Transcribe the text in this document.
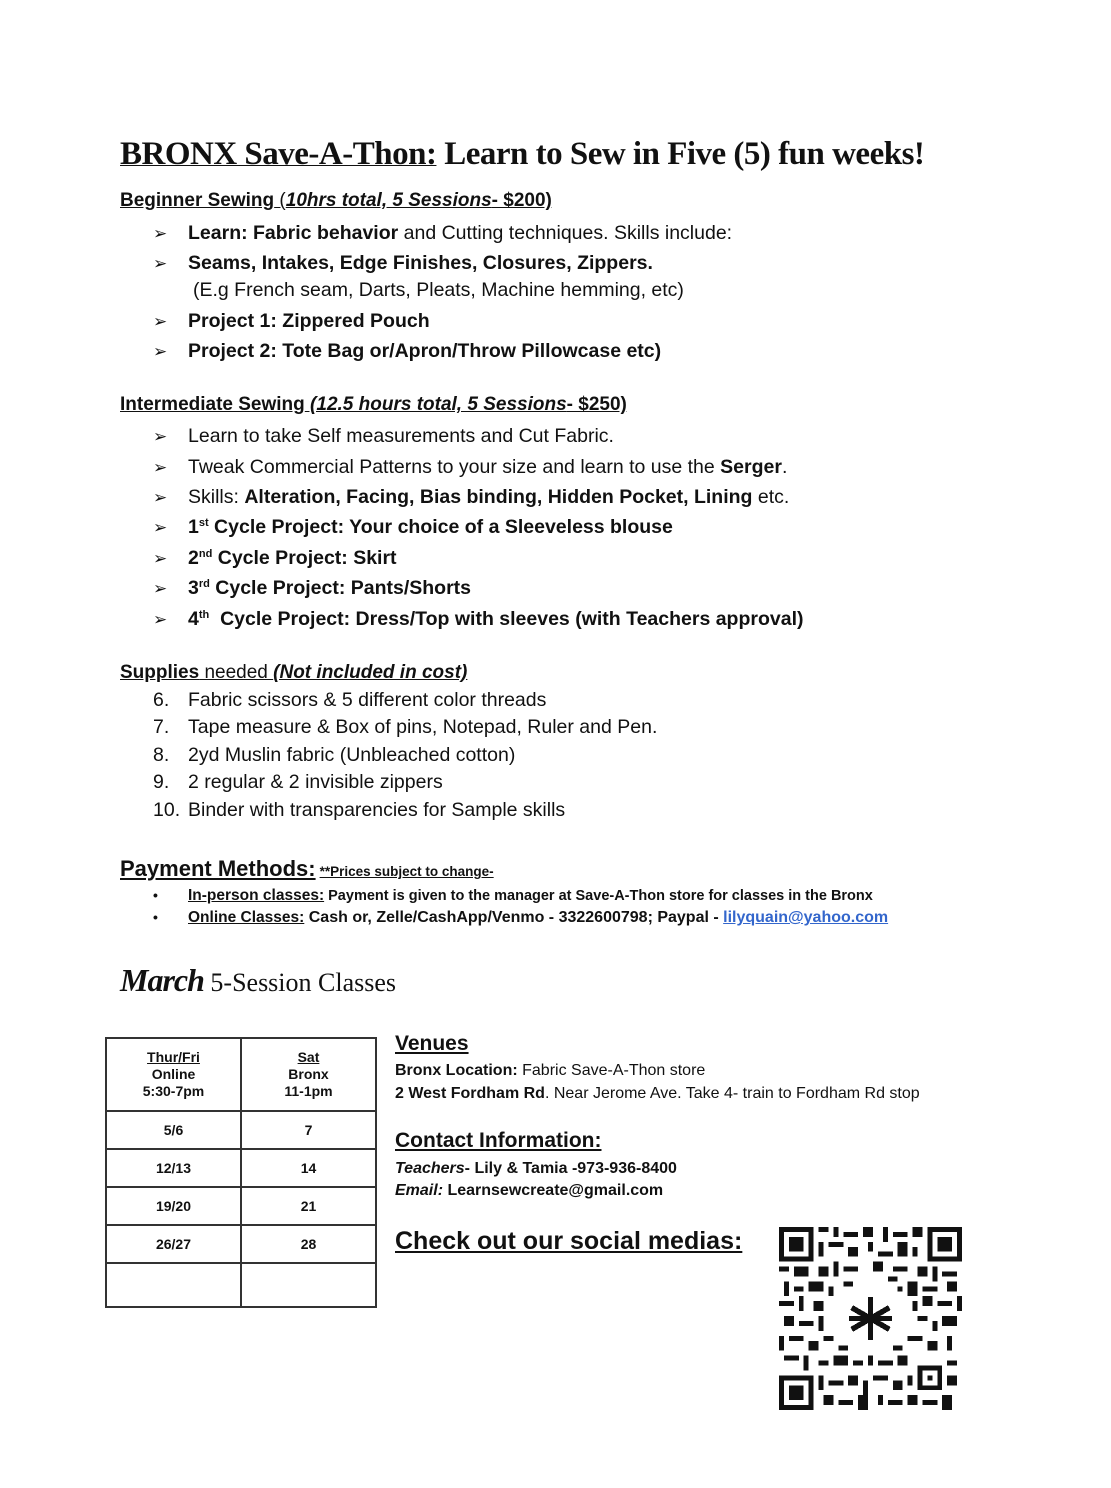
BRONX Save-A-Thon: Learn to Sew in Five (5) fun weeks!
Beginner Sewing (10hrs total, 5 Sessions- $200)
➢ Learn: Fabric behavior and Cutting techniques. Skills include:
➢ Seams, Intakes, Edge Finishes, Closures, Zippers.
(E.g French seam, Darts, Pleats, Machine hemming, etc)
➢ Project 1: Zippered Pouch
➢ Project 2: Tote Bag or/Apron/Throw Pillowcase etc)
Intermediate Sewing (12.5 hours total, 5 Sessions- $250)
➢ Learn to take Self measurements and Cut Fabric.
➢ Tweak Commercial Patterns to your size and learn to use the Serger.
➢ Skills: Alteration, Facing, Bias binding, Hidden Pocket, Lining etc.
➢ 1st Cycle Project: Your choice of a Sleeveless blouse
➢ 2nd Cycle Project: Skirt
➢ 3rd Cycle Project: Pants/Shorts
➢ 4th  Cycle Project: Dress/Top with sleeves (with Teachers approval)
Supplies needed (Not included in cost)
6. Fabric scissors & 5 different color threads
7. Tape measure & Box of pins, Notepad, Ruler and Pen.
8. 2yd Muslin fabric (Unbleached cotton)
9. 2 regular & 2 invisible zippers
10. Binder with transparencies for Sample skills
Payment Methods: **Prices subject to change-
• In-person classes: Payment is given to the manager at Save-A-Thon store for classes in the Bronx
• Online Classes: Cash or, Zelle/CashApp/Venmo - 3322600798; Paypal - lilyquain@yahoo.com
March 5-Session Classes
Thur/Fri
Online
5:30-7pm	Sat
Bronx
11-1pm
5/6	7
12/13	14
19/20	21
26/27	28

Venues
Bronx Location: Fabric Save-A-Thon store
2 West Fordham Rd. Near Jerome Ave. Take 4- train to Fordham Rd stop
Contact Information:
Teachers- Lily & Tamia -973-936-8400
Email: Learnsewcreate@gmail.com
Check out our social medias:
